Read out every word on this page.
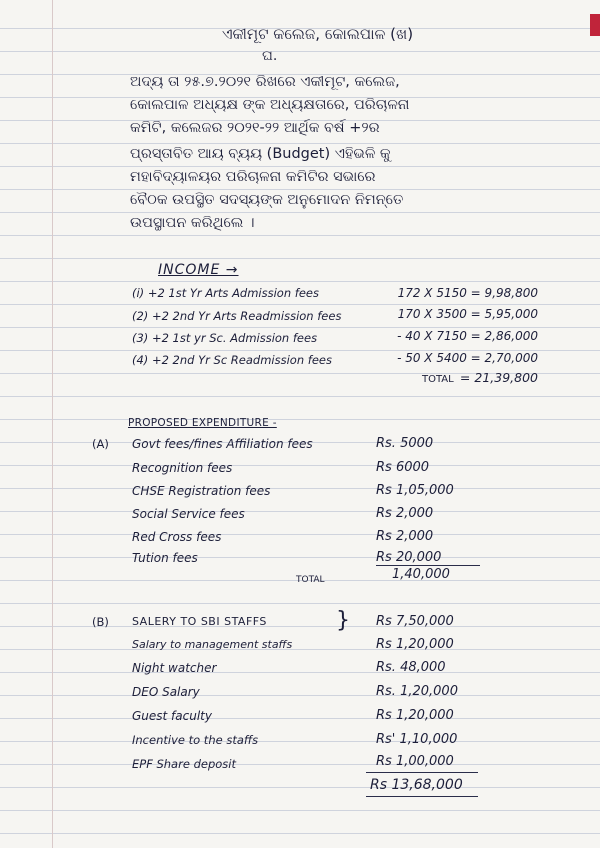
ଏକୀମୂଟ କଲେଜ, କୋଲପାଳ (ଖ)
ଘ.
ଅଦ୍ୟ ତା ୨୫.୭.୨୦୨୧ ରିଖରେ ଏକୀମୂଟ, କଲେଜ,
କୋଲପାଳ ଅଧ୍ୟକ୍ଷ ଙ୍କ ଅଧ୍ୟକ୍ଷତାରେ, ପରିଚାଳନା
କମିଟି, କଲେଜର ୨୦୨୧-୨୨ ଆର୍ଥିକ ବର୍ଷ +୨ର
ପ୍ରସ୍ତାବିତ ଆୟ ବ୍ୟୟ (Budget) ଏହିଭଳି କୁ
ମହାବିଦ୍ୟାଳୟର ପରିଚାଳନା କମିଟିର ସଭାରେ
ବୈଠକ ଉପସ୍ଥିତ ସଦସ୍ୟଙ୍କ ଅନୁମୋଦନ ନିମନ୍ତେ
ଉପସ୍ଥାପନ କରିଥିଲେ ।
INCOME →
(i) +2 1st Yr Arts Admission fees	172 X 5150 = 9,98,800
(2) +2 2nd Yr Arts Readmission fees	170 X 3500 = 5,95,000
(3) +2 1st yr Sc. Admission fees	- 40 X 7150 = 2,86,000
(4) +2 2nd Yr Sc Readmission fees	- 50 X 5400 = 2,70,000
TOTAL = 21,39,800
PROPOSED EXPENDITURE -
(A) Govt fees/fines Affiliation fees	Rs. 5000
Recognition fees	Rs 6000
CHSE Registration fees	Rs 1,05,000
Social Service fees	Rs 2,000
Red Cross fees	Rs 2,000
Tution fees	Rs 20,000
TOTAL	1,40,000
(B) SALERY TO SBI STAFFS	} Rs 7,50,000
Salary to management staffs	Rs 1,20,000
Night watcher	Rs. 48,000
DEO Salary	Rs. 1,20,000
Guest faculty	Rs 1,20,000
Incentive to the staffs	Rs' 1,10,000
EPF Share deposit	Rs 1,00,000
Rs 13,68,000
